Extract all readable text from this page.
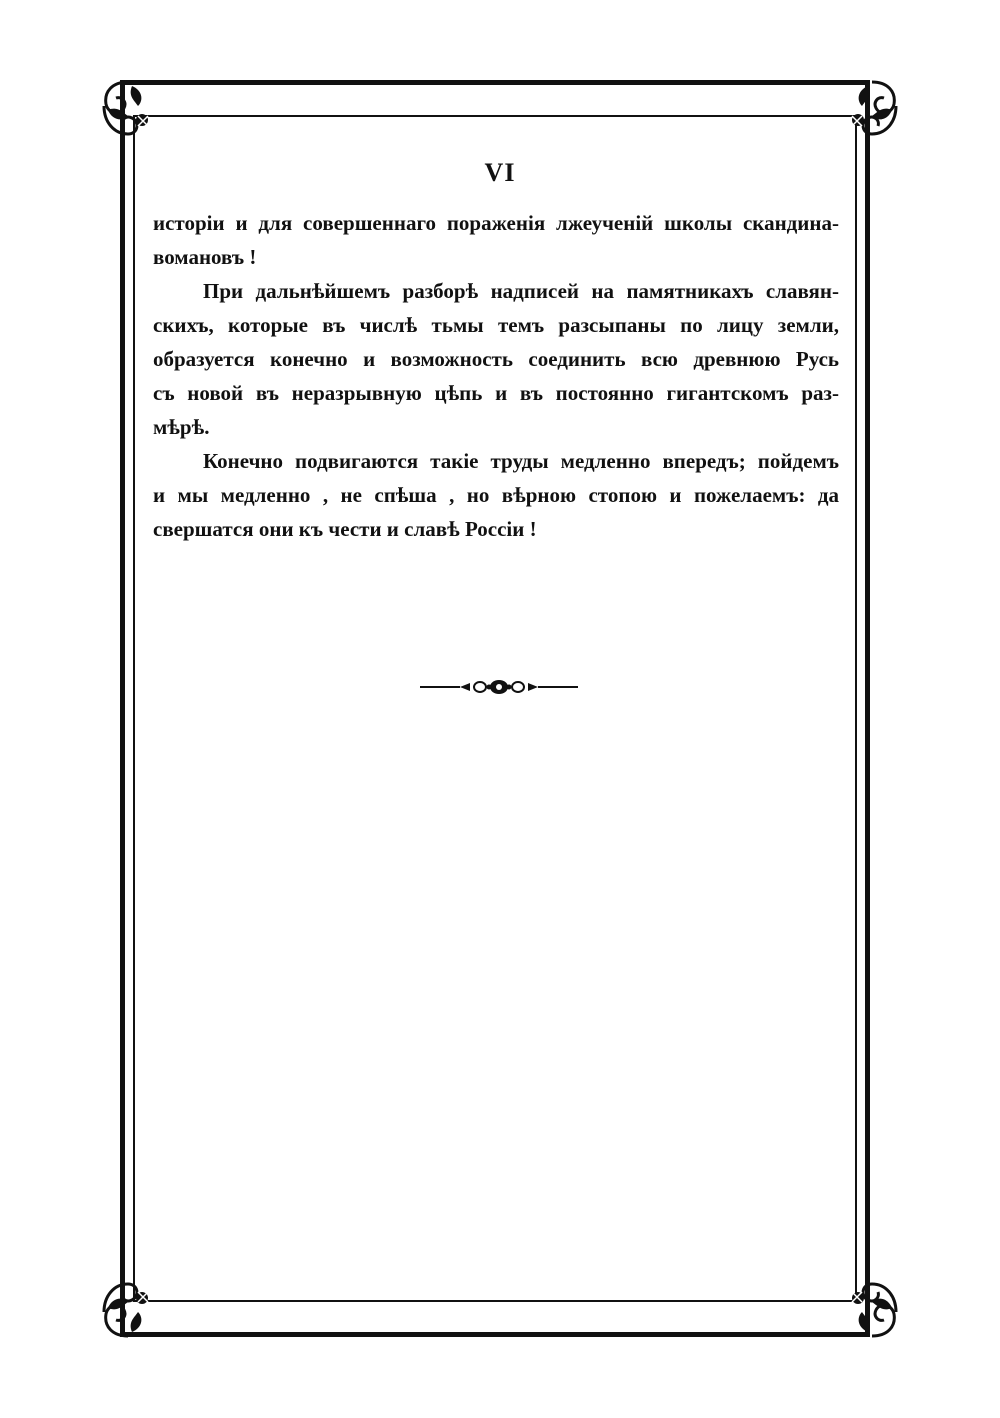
VI

исторіи и для совершеннаго пораженія лжеученій школы скандина-
вомановъ !

При дальнѣйшемъ разборѣ надписей на памятникахъ славян-
скихъ, которые въ числѣ тьмы темъ разсыпаны по лицу земли,
образуется конечно и возможность соединить всю древнюю Русь
съ новой въ неразрывную цѣпь и въ постоянно гигантскомъ раз-
мѣрѣ.

Конечно подвигаются такіе труды медленно впередъ; пойдемъ
и мы медленно , не спѣша , но вѣрною стопою и пожелаемъ: да
свершатся они къ чести и славѣ Россіи !
